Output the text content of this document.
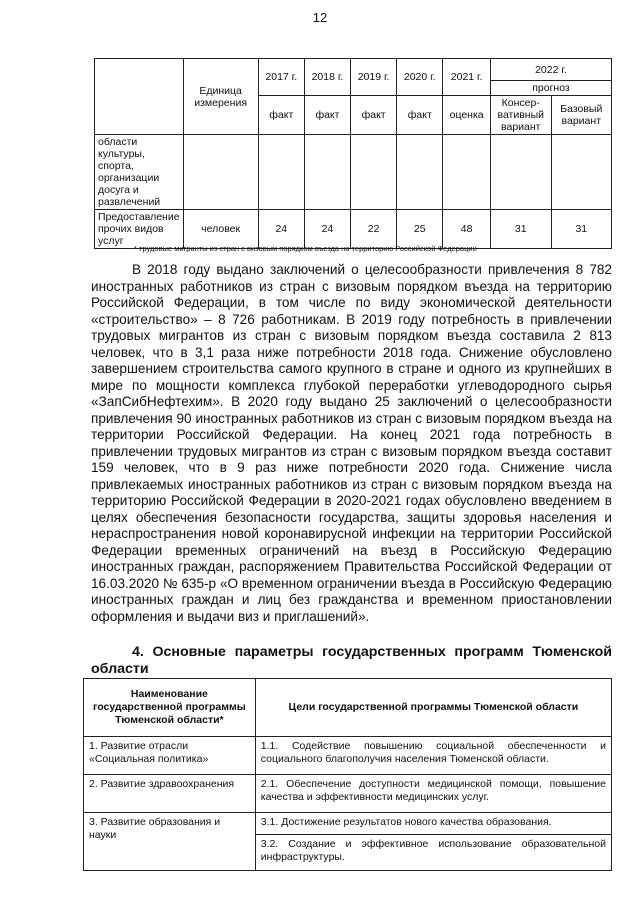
12
	Единица измерения	2017 г.	2018 г.	2019 г.	2020 г.	2021 г.	2022 г.	
							прогноз	
		факт	факт	факт	факт	оценка	Консер-вативный вариант	Базовый вариант
области культуры, спорта, организации досуга и развлечений								
Предоставление прочих видов услуг	человек	24	24	22	25	48	31	31
* трудовые мигранты из стран с визовым порядком въезда на территорию Российской Федерации

В 2018 году выдано заключений о целесообразности привлечения 8 782 иностранных работников из стран с визовым порядком въезда на территорию Российской Федерации, в том числе по виду экономической деятельности «строительство» – 8 726 работникам. В 2019 году потребность в привлечении трудовых мигрантов из стран с визовым порядком въезда составила 2 813 человек, что в 3,1 раза ниже потребности 2018 года. Снижение обусловлено завершением строительства самого крупного в стране и одного из крупнейших в мире по мощности комплекса глубокой переработки углеводородного сырья «ЗапСибНефтехим». В 2020 году выдано 25 заключений о целесообразности привлечения 90 иностранных работников из стран с визовым порядком въезда на территории Российской Федерации. На конец 2021 года потребность в привлечении трудовых мигрантов из стран с визовым порядком въезда составит 159 человек, что в 9 раз ниже потребности 2020 года. Снижение числа привлекаемых иностранных работников из стран с визовым порядком въезда на территорию Российской Федерации в 2020-2021 годах обусловлено введением в целях обеспечения безопасности государства, защиты здоровья населения и нераспространения новой коронавирусной инфекции на территории Российской Федерации временных ограничений на въезд в Российскую Федерацию иностранных граждан, распоряжением Правительства Российской Федерации от 16.03.2020 № 635-р «О временном ограничении въезда в Российскую Федерацию иностранных граждан и лиц без гражданства и временном приостановлении оформления и выдачи виз и приглашений».

4. Основные параметры государственных программ Тюменской области

Наименование государственной программы Тюменской области*	Цели государственной программы Тюменской области
1. Развитие отрасли «Социальная политика»	1.1. Содействие повышению социальной обеспеченности и социального благополучия населения Тюменской области.
2. Развитие здравоохранения	2.1. Обеспечение доступности медицинской помощи, повышение качества и эффективности медицинских услуг.
3. Развитие образования и науки	3.1. Достижение результатов нового качества образования.
	3.2. Создание и эффективное использование образовательной инфраструктуры.
